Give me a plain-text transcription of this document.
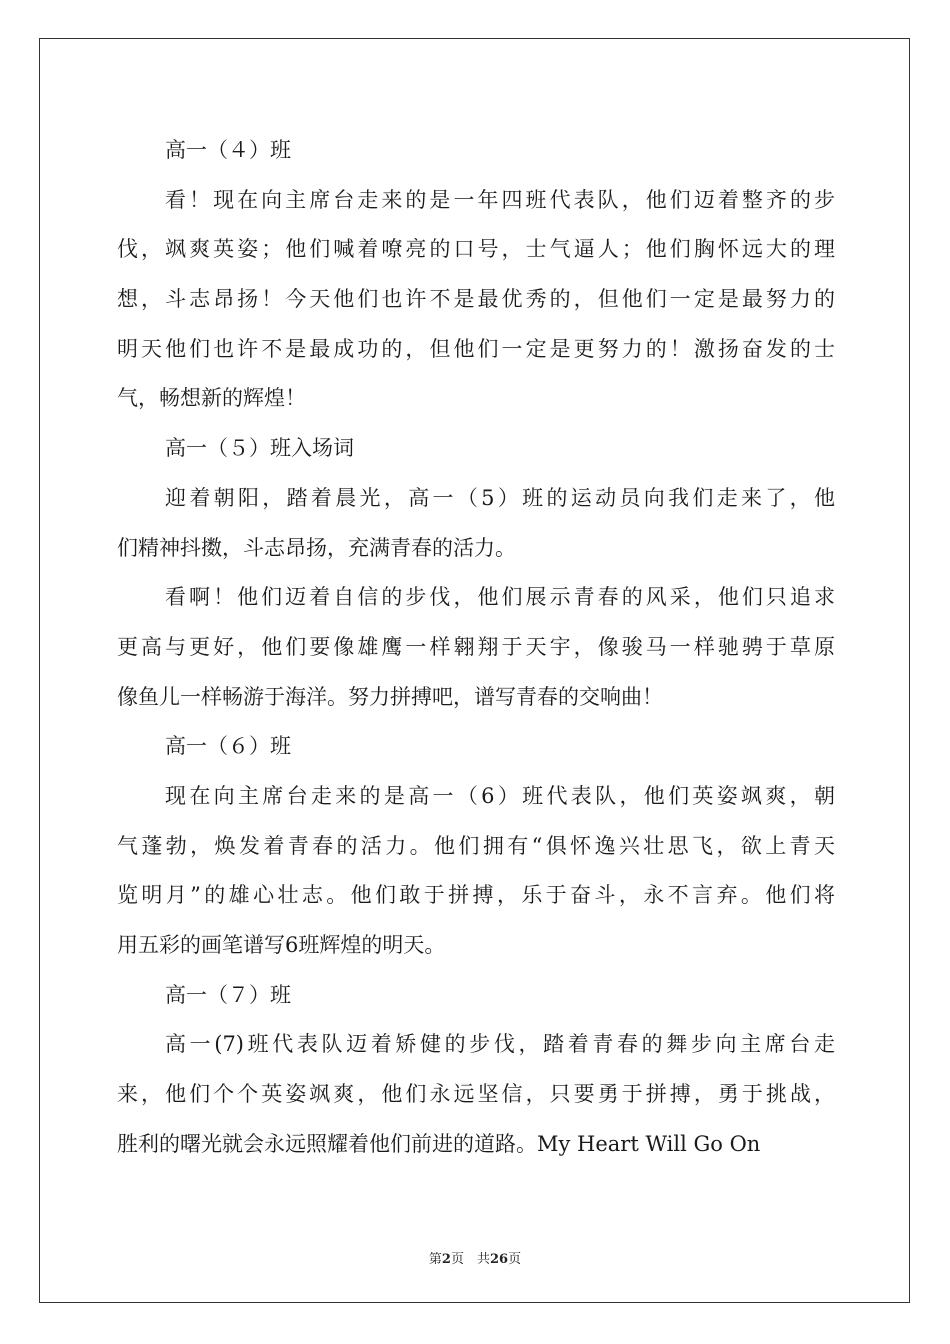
高一（４）班
看！现在向主席台走来的是一年四班代表队，他们迈着整齐的步
伐，飒爽英姿；他们喊着嘹亮的口号，士气逼人；他们胸怀远大的理
想，斗志昂扬！今天他们也许不是最优秀的，但他们一定是最努力的
明天他们也许不是最成功的，但他们一定是更努力的！激扬奋发的士
气，畅想新的辉煌！
高一（５）班入场词
迎着朝阳，踏着晨光，高一（5）班的运动员向我们走来了，他
们精神抖擞，斗志昂扬，充满青春的活力。
看啊！他们迈着自信的步伐，他们展示青春的风采，他们只追求
更高与更好，他们要像雄鹰一样翱翔于天宇，像骏马一样驰骋于草原
像鱼儿一样畅游于海洋。努力拼搏吧，谱写青春的交响曲！
高一（６）班
现在向主席台走来的是高一（6）班代表队，他们英姿飒爽，朝
气蓬勃，焕发着青春的活力。他们拥有“俱怀逸兴壮思飞，欲上青天
览明月”的雄心壮志。他们敢于拼搏，乐于奋斗，永不言弃。他们将
用五彩的画笔谱写6班辉煌的明天。
高一（７）班
高一(7)班代表队迈着矫健的步伐，踏着青春的舞步向主席台走
来，他们个个英姿飒爽，他们永远坚信，只要勇于拼搏，勇于挑战，
胜利的曙光就会永远照耀着他们前进的道路。My Heart Will Go On
第2页　共26页
